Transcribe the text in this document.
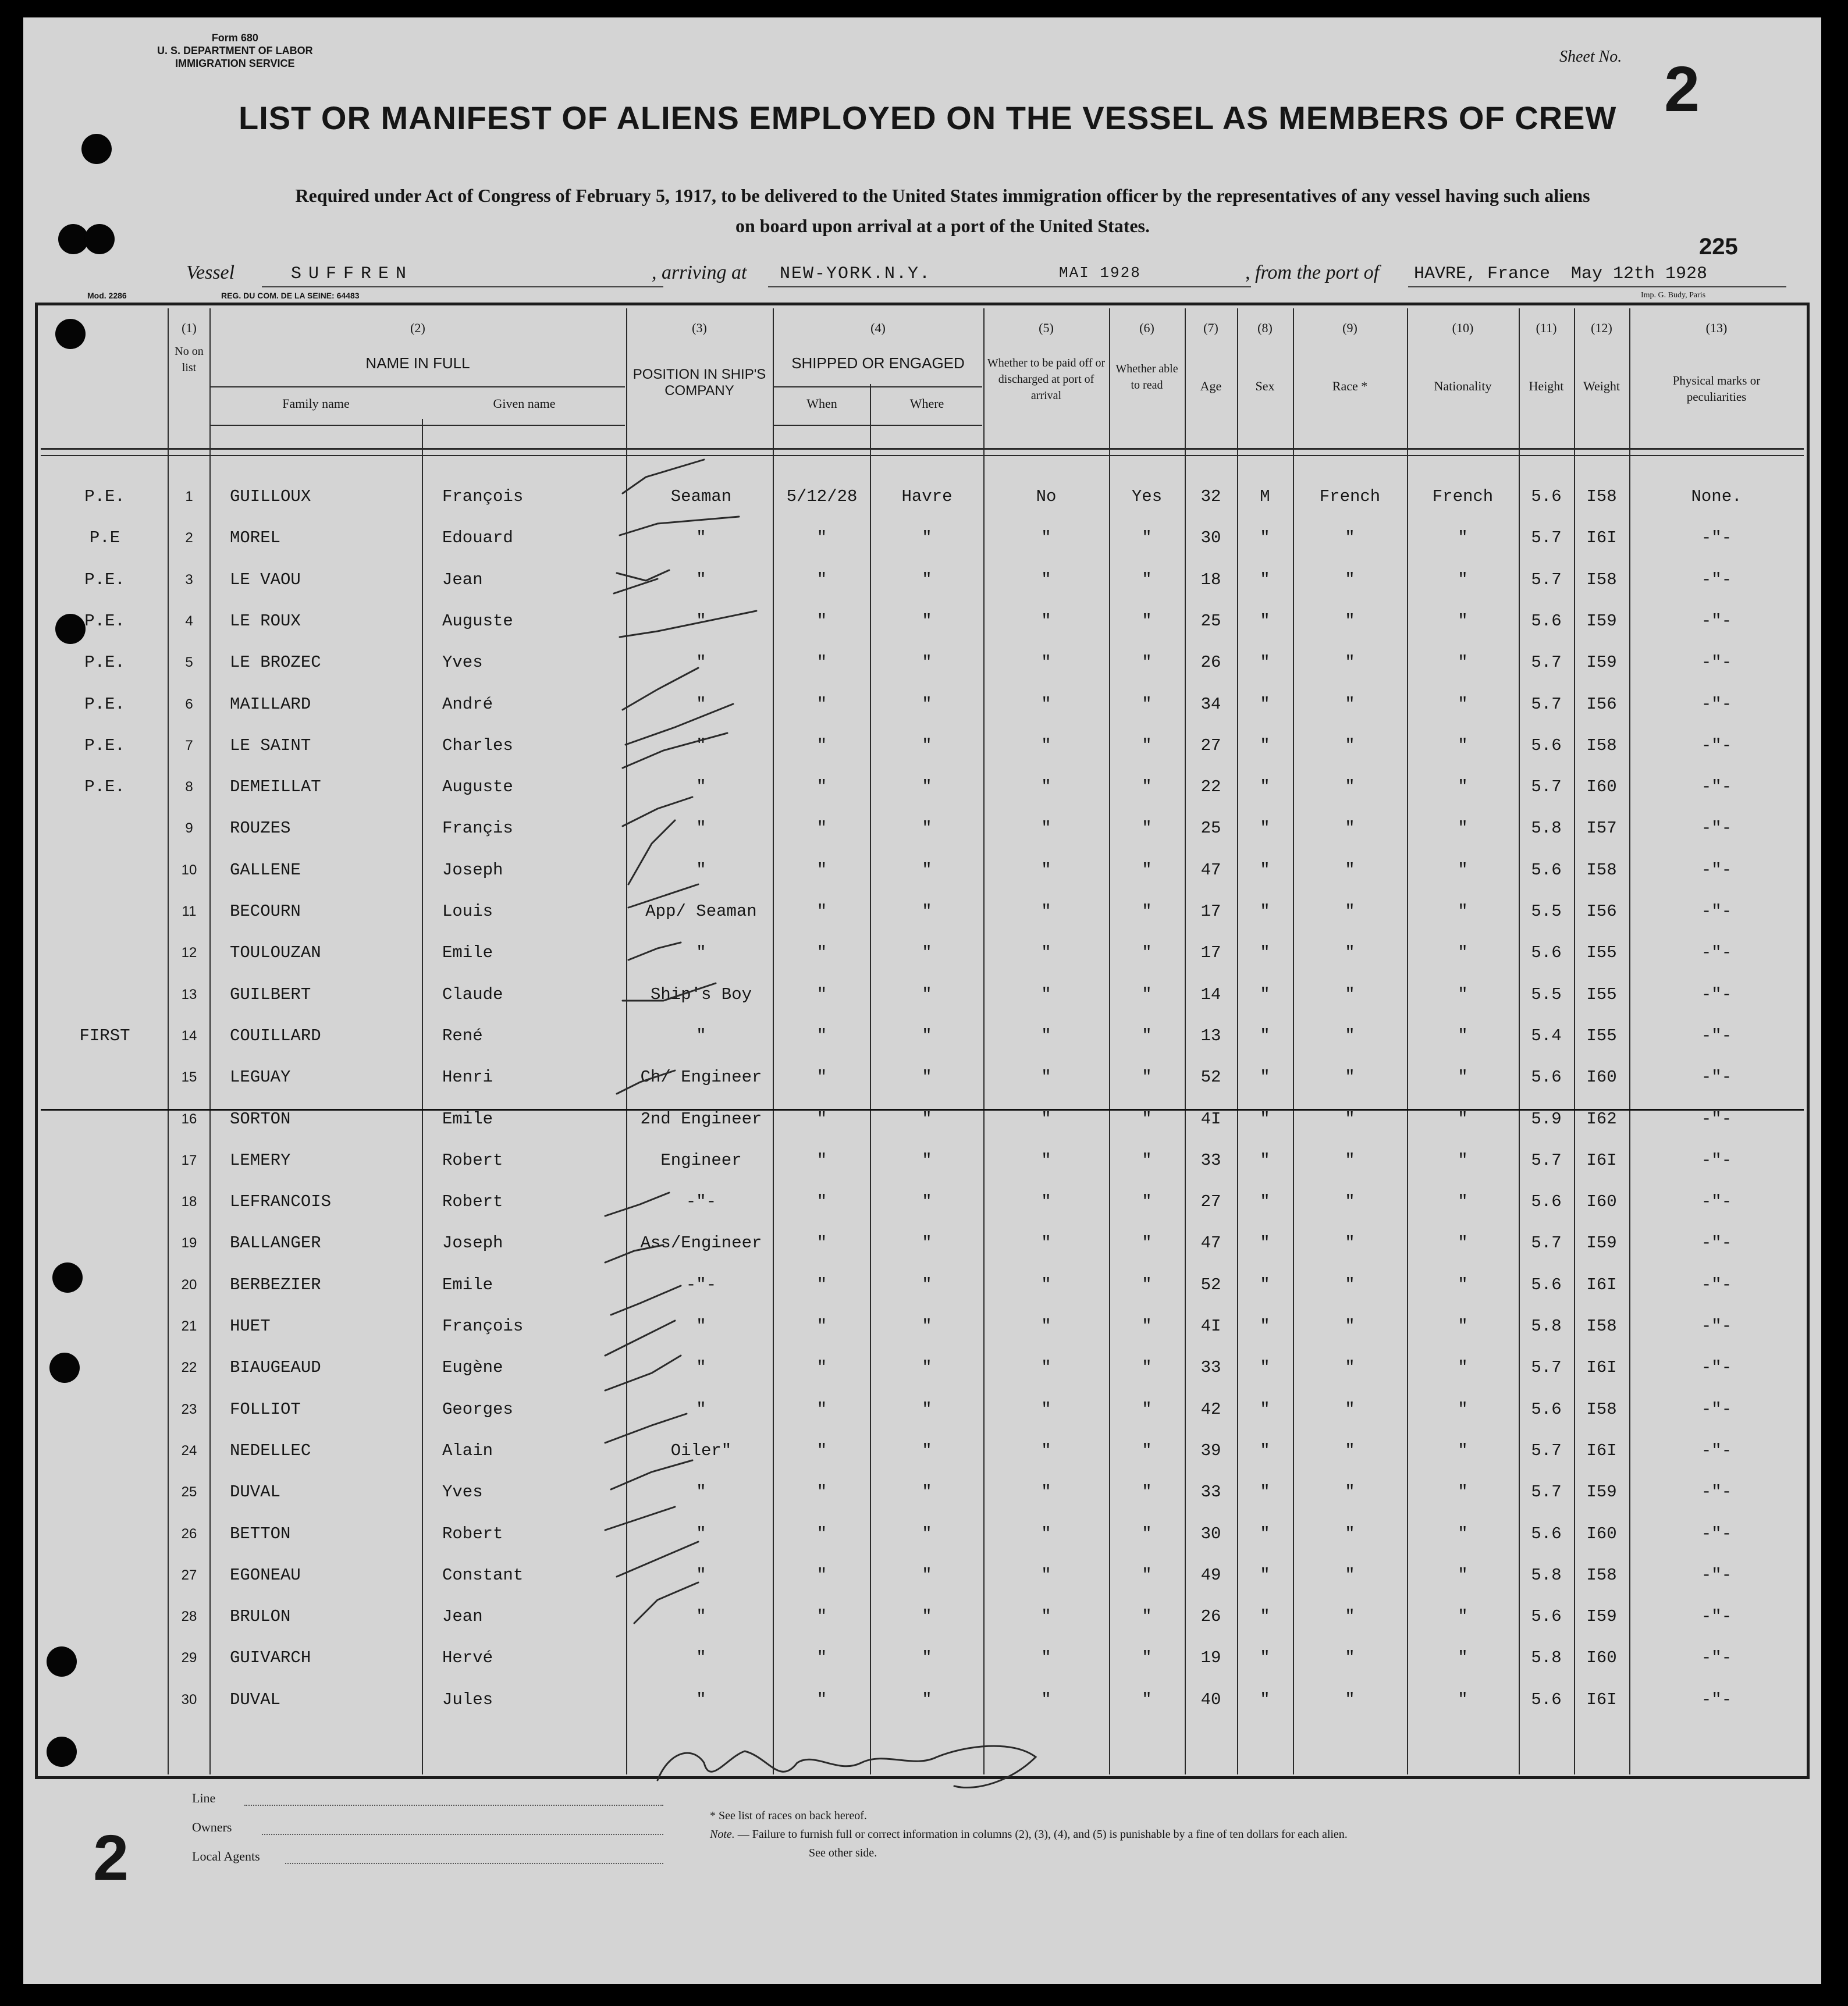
Form 680
U. S. DEPARTMENT OF LABOR
IMMIGRATION SERVICE
LIST OR MANIFEST OF ALIENS EMPLOYED ON THE VESSEL AS MEMBERS OF CREW
Sheet No. 2
Required under Act of Congress of February 5, 1917, to be delivered to the United States immigration officer by the representatives of any vessel having such aliens
on board upon arrival at a port of the United States.
Vessel	SUFFREN	, arriving at NEW-YORK.N.Y.	MAI 1928	, from the port of HAVRE, France May 12th 1928
225
Mod. 2286	REG. DU COM. DE LA SEINE: 64483	Imp. G. Budy, Paris
(1)
No on list
(2)
NAME IN FULL
Family name	Given name
(3)
POSITION IN SHIP'S COMPANY
(4)
SHIPPED OR ENGAGED
When	Where
(5)
Whether to be paid off or discharged at port of arrival
(6)
Whether able to read
(7)
Age
(8)
Sex
(9)
Race *
(10)
Nationality
(11)
Height
(12)
Weight
(13)
Physical marks or peculiarities
P.E.	1	GUILLOUX	François	Seaman	5/12/28	Havre	No	Yes	32	M	French	French	5.6	I58	None.
P.E	2	MOREL	Edouard	"	"	"	"	"	30	"	"	"	5.7	I6I	-"-
P.E.	3	LE VAOU	Jean	"	"	"	"	"	18	"	"	"	5.7	I58	-"-
P.E.	4	LE ROUX	Auguste	"	"	"	"	"	25	"	"	"	5.6	I59	-"-
P.E.	5	LE BROZEC	Yves	"	"	"	"	"	26	"	"	"	5.7	I59	-"-
P.E.	6	MAILLARD	André	"	"	"	"	"	34	"	"	"	5.7	I56	-"-
P.E.	7	LE SAINT	Charles	"	"	"	"	"	27	"	"	"	5.6	I58	-"-
P.E.	8	DEMEILLAT	Auguste	"	"	"	"	"	22	"	"	"	5.7	I60	-"-
9	ROUZES	Françis	"	"	"	"	"	25	"	"	"	5.8	I57	-"-
10	GALLENE	Joseph	"	"	"	"	"	47	"	"	"	5.6	I58	-"-
11	BECOURN	Louis	App/ Seaman	"	"	"	"	17	"	"	"	5.5	I56	-"-
12	TOULOUZAN	Emile	"	"	"	"	"	17	"	"	"	5.6	I55	-"-
13	GUILBERT	Claude	Ship's Boy	"	"	"	"	14	"	"	"	5.5	I55	-"-
FIRST	14	COUILLARD	René	"	"	"	"	"	13	"	"	"	5.4	I55	-"-
15	LEGUAY	Henri	Ch/ Engineer	"	"	"	"	52	"	"	"	5.6	I60	-"-
16	SORTON	Emile	2nd Engineer	"	"	"	"	4I	"	"	"	5.9	I62	-"-
17	LEMERY	Robert	Engineer	"	"	"	"	33	"	"	"	5.7	I6I	-"-
18	LEFRANCOIS	Robert	-"-	"	"	"	"	27	"	"	"	5.6	I60	-"-
19	BALLANGER	Joseph	Ass/Engineer	"	"	"	"	47	"	"	"	5.7	I59	-"-
20	BERBEZIER	Emile	-"-	"	"	"	"	52	"	"	"	5.6	I6I	-"-
21	HUET	François	"	"	"	"	"	4I	"	"	"	5.8	I58	-"-
22	BIAUGEAUD	Eugène	"	"	"	"	"	33	"	"	"	5.7	I6I	-"-
23	FOLLIOT	Georges	"	"	"	"	"	42	"	"	"	5.6	I58	-"-
24	NEDELLEC	Alain	Oiler"	"	"	"	"	39	"	"	"	5.7	I6I	-"-
25	DUVAL	Yves	"	"	"	"	"	33	"	"	"	5.7	I59	-"-
26	BETTON	Robert	"	"	"	"	"	30	"	"	"	5.6	I60	-"-
27	EGONEAU	Constant	"	"	"	"	"	49	"	"	"	5.8	I58	-"-
28	BRULON	Jean	"	"	"	"	"	26	"	"	"	5.6	I59	-"-
29	GUIVARCH	Hervé	"	"	"	"	"	19	"	"	"	5.8	I60	-"-
30	DUVAL	Jules	"	"	"	"	"	40	"	"	"	5.6	I6I	-"-
Line
Owners
Local Agents
* See list of races on back hereof.
Note. — Failure to furnish full or correct information in columns (2), (3), (4), and (5) is punishable by a fine of ten dollars for each alien.
See other side.
2
